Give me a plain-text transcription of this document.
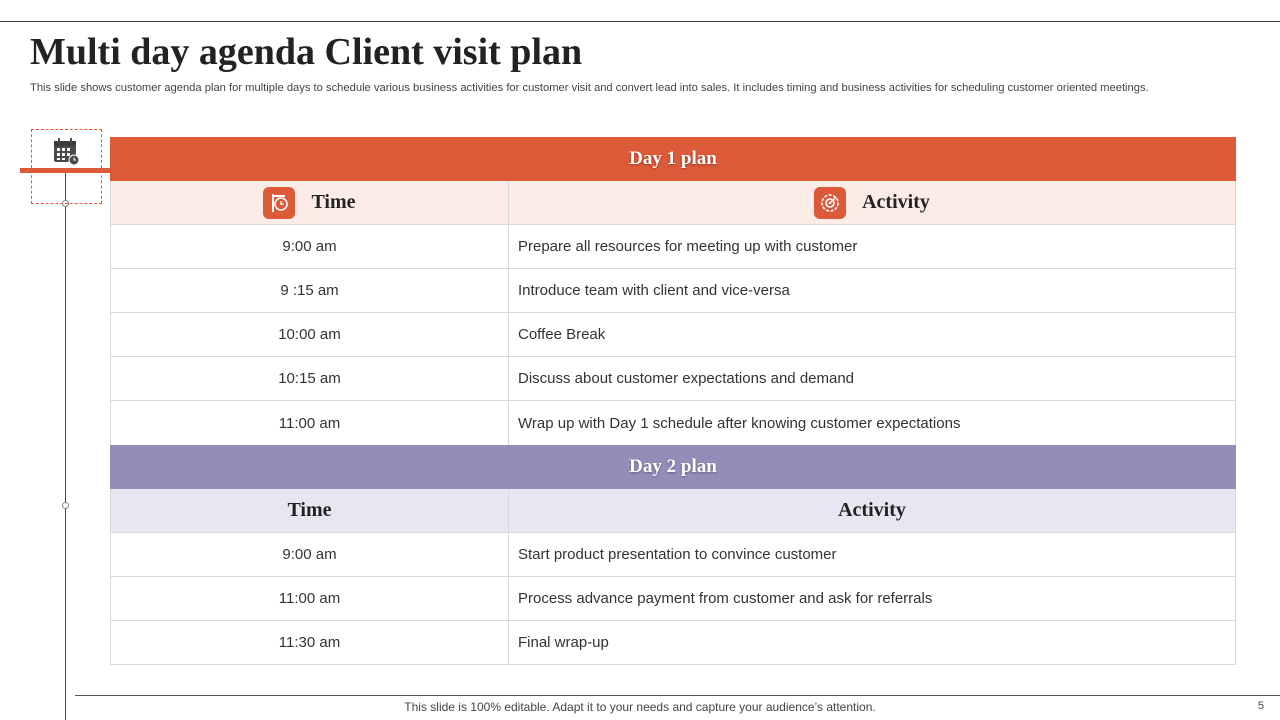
Multi day agenda Client visit plan

This slide shows customer agenda plan for multiple days to schedule various business activities for customer visit and convert lead into sales. It includes timing and business activities for scheduling customer oriented meetings.

Day 1 plan
Time	Activity
9:00 am	Prepare all resources for meeting up with customer
9 :15 am	Introduce team with client and vice-versa
10:00 am	Coffee Break
10:15 am	Discuss about customer expectations and demand
11:00 am	Wrap up with Day 1 schedule after knowing customer expectations
Day 2 plan
Time	Activity
9:00 am	Start product presentation to convince customer
11:00 am	Process advance payment from customer and ask for referrals
11:30 am	Final wrap-up
This slide is 100% editable. Adapt it to your needs and capture your audience’s attention.	5
